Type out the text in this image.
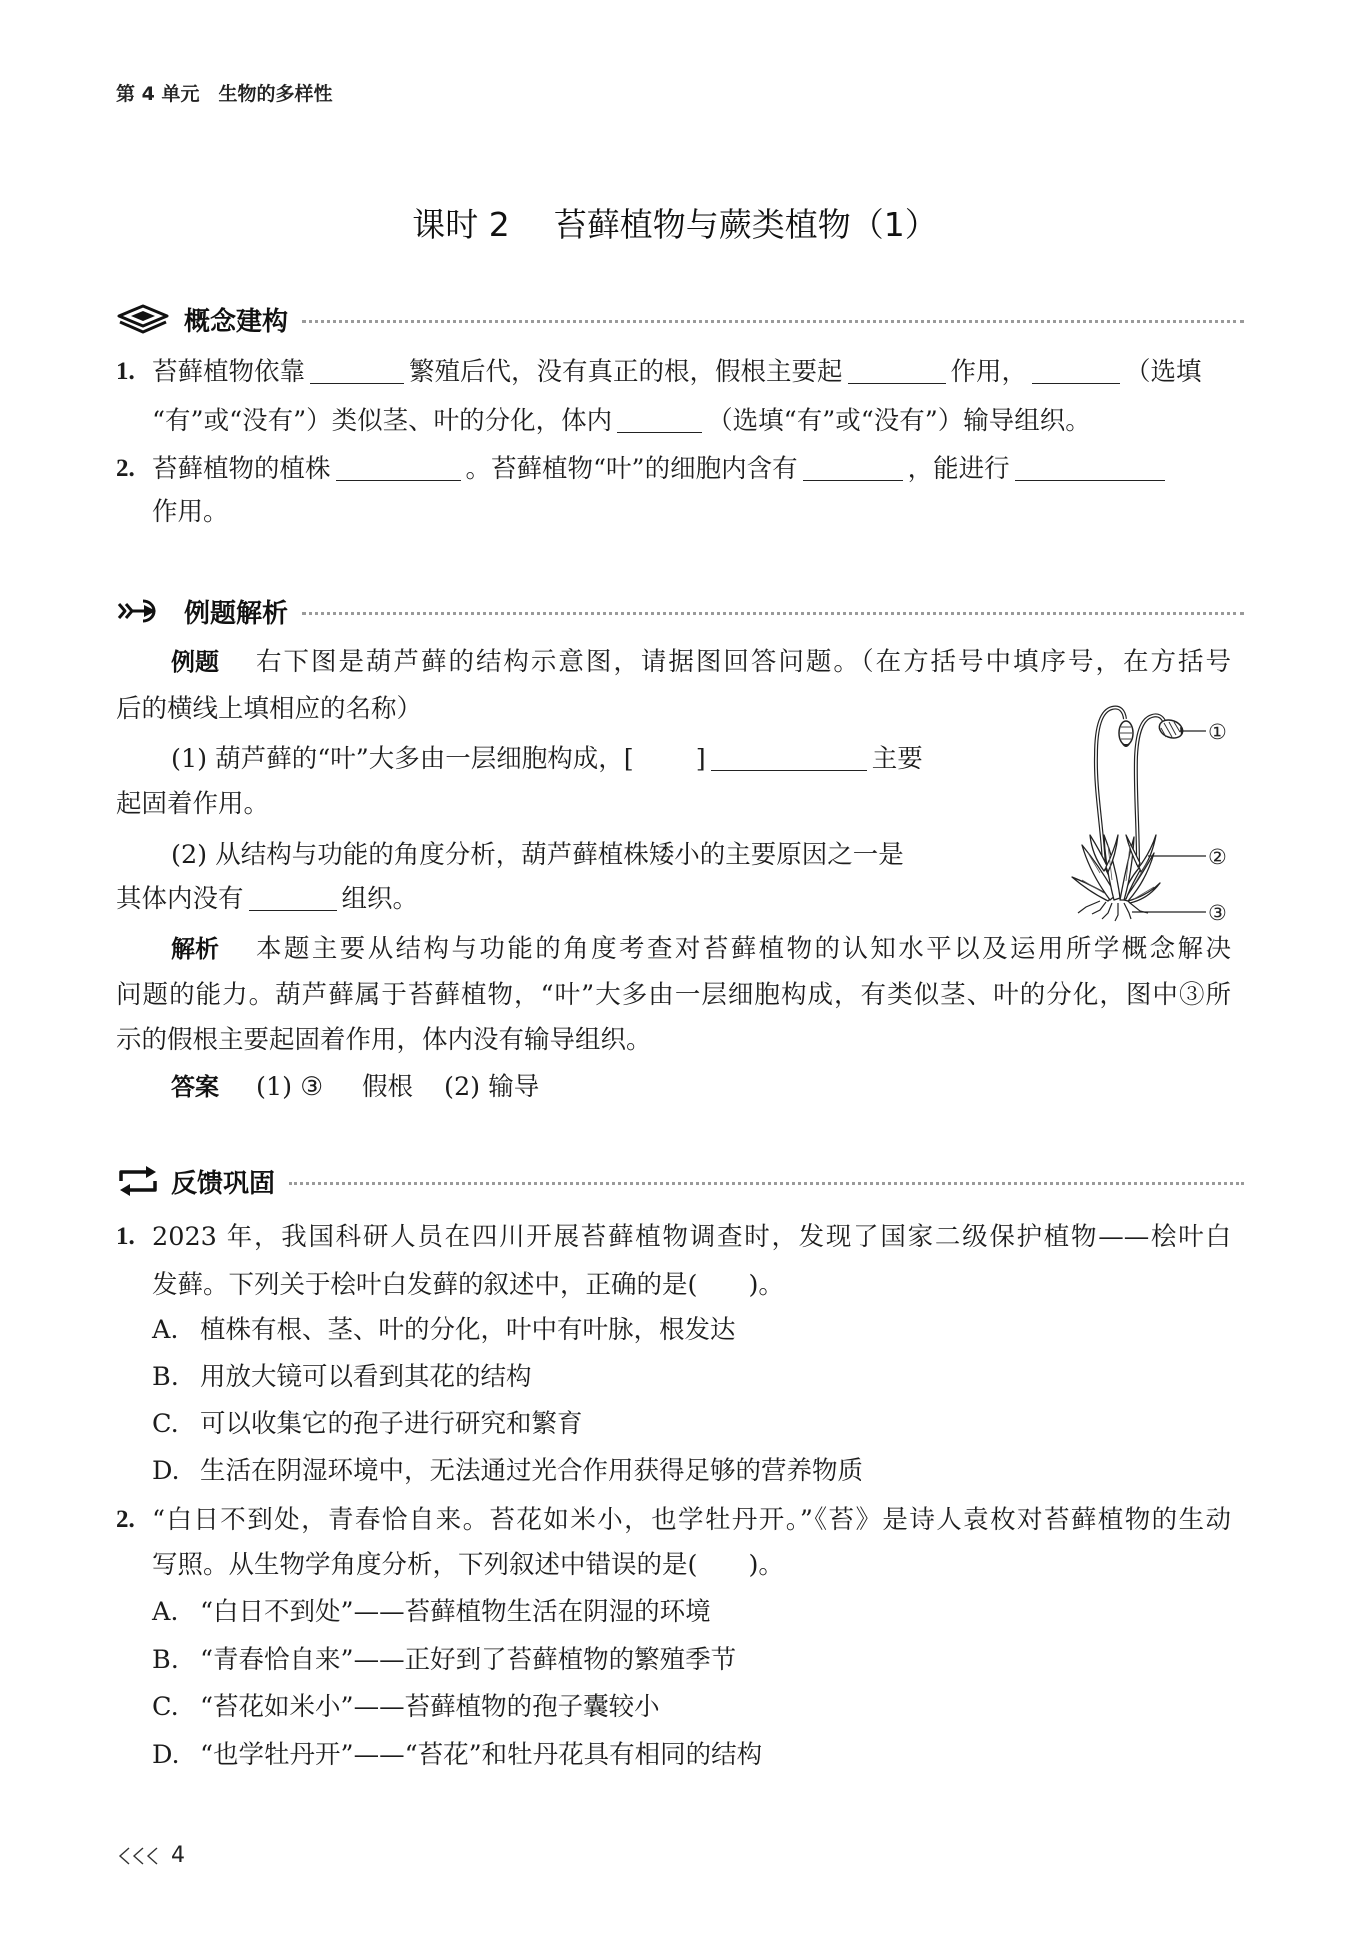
第 4 单元 生物的多样性
课时 2 苔藓植物与蕨类植物（1）
概念建构
1. 苔藓植物依靠	繁殖后代，没有真正的根，假根主要起	作用，	（选填
“有”或“没有”）类似茎、叶的分化，体内	（选填“有”或“没有”）输导组织。
2. 苔藓植物的植株	。苔藓植物“叶”的细胞内含有	，能进行
作用。
例题解析
例题 右下图是葫芦藓的结构示意图，请据图回答问题。（在方括号中填序号，在方括号
后的横线上填相应的名称）
(1) 葫芦藓的“叶”大多由一层细胞构成，[ ]	主要
起固着作用。
(2) 从结构与功能的角度分析，葫芦藓植株矮小的主要原因之一是
其体内没有	组织。
①
②
③
解析 本题主要从结构与功能的角度考查对苔藓植物的认知水平以及运用所学概念解决
问题的能力。葫芦藓属于苔藓植物，“叶”大多由一层细胞构成，有类似茎、叶的分化，图中③所
示的假根主要起固着作用，体内没有输导组织。
答案 (1) ③ 假根 (2) 输导
反馈巩固
1. 2023 年，我国科研人员在四川开展苔藓植物调查时，发现了国家二级保护植物——桧叶白
发藓。下列关于桧叶白发藓的叙述中，正确的是(　　)。
A. 植株有根、茎、叶的分化，叶中有叶脉，根发达
B. 用放大镜可以看到其花的结构
C. 可以收集它的孢子进行研究和繁育
D. 生活在阴湿环境中，无法通过光合作用获得足够的营养物质
2. “白日不到处，青春恰自来。苔花如米小，也学牡丹开。”《苔》是诗人袁枚对苔藓植物的生动
写照。从生物学角度分析，下列叙述中错误的是(　　)。
A. “白日不到处”——苔藓植物生活在阴湿的环境
B. “青春恰自来”——正好到了苔藓植物的繁殖季节
C. “苔花如米小”——苔藓植物的孢子囊较小
D. “也学牡丹开”——“苔花”和牡丹花具有相同的结构
4
